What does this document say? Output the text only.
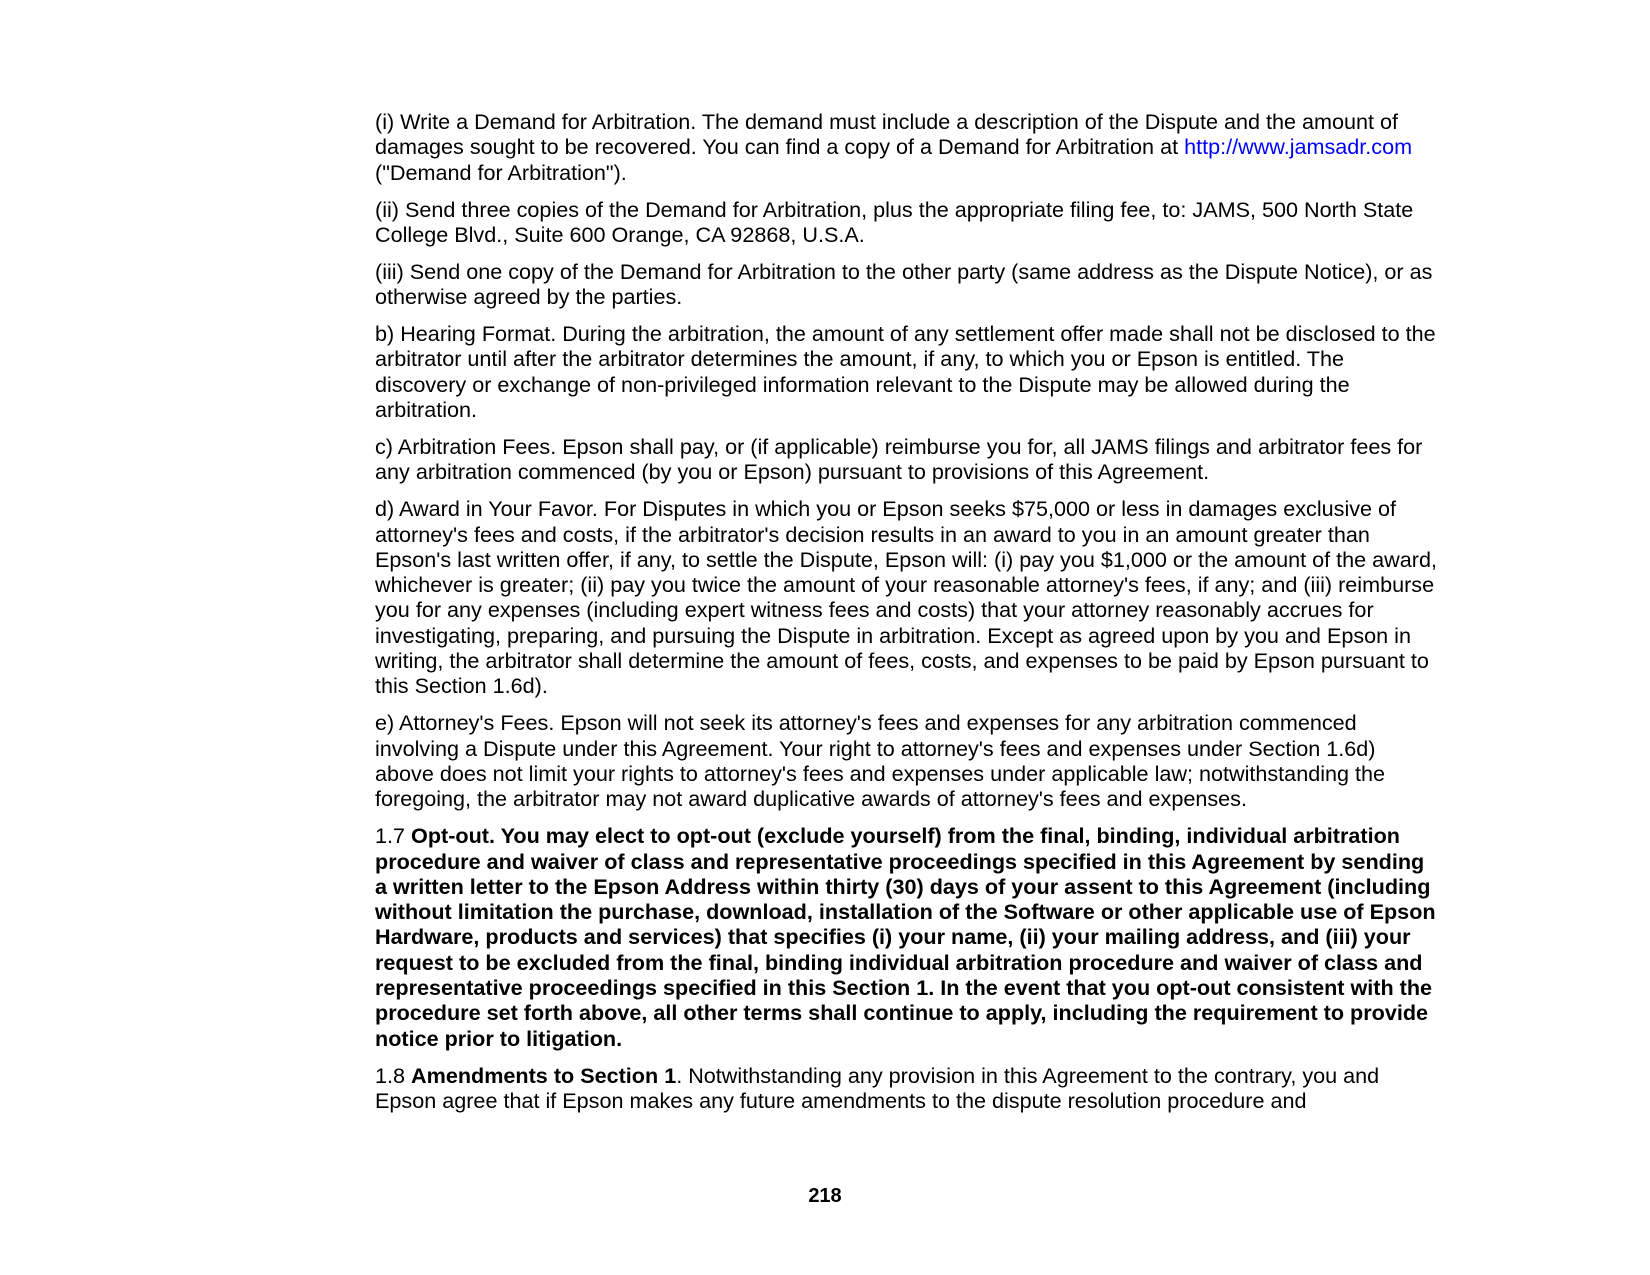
(i) Write a Demand for Arbitration. The demand must include a description of the Dispute and the amount of damages sought to be recovered. You can find a copy of a Demand for Arbitration at http://www.jamsadr.com ("Demand for Arbitration").

(ii) Send three copies of the Demand for Arbitration, plus the appropriate filing fee, to: JAMS, 500 North State College Blvd., Suite 600 Orange, CA 92868, U.S.A.

(iii) Send one copy of the Demand for Arbitration to the other party (same address as the Dispute Notice), or as otherwise agreed by the parties.

b) Hearing Format. During the arbitration, the amount of any settlement offer made shall not be disclosed to the arbitrator until after the arbitrator determines the amount, if any, to which you or Epson is entitled. The discovery or exchange of non-privileged information relevant to the Dispute may be allowed during the arbitration.

c) Arbitration Fees. Epson shall pay, or (if applicable) reimburse you for, all JAMS filings and arbitrator fees for any arbitration commenced (by you or Epson) pursuant to provisions of this Agreement.

d) Award in Your Favor. For Disputes in which you or Epson seeks $75,000 or less in damages exclusive of attorney's fees and costs, if the arbitrator's decision results in an award to you in an amount greater than Epson's last written offer, if any, to settle the Dispute, Epson will: (i) pay you $1,000 or the amount of the award, whichever is greater; (ii) pay you twice the amount of your reasonable attorney's fees, if any; and (iii) reimburse you for any expenses (including expert witness fees and costs) that your attorney reasonably accrues for investigating, preparing, and pursuing the Dispute in arbitration. Except as agreed upon by you and Epson in writing, the arbitrator shall determine the amount of fees, costs, and expenses to be paid by Epson pursuant to this Section 1.6d).

e) Attorney's Fees. Epson will not seek its attorney's fees and expenses for any arbitration commenced involving a Dispute under this Agreement. Your right to attorney's fees and expenses under Section 1.6d) above does not limit your rights to attorney's fees and expenses under applicable law; notwithstanding the foregoing, the arbitrator may not award duplicative awards of attorney's fees and expenses.

1.7 Opt-out. You may elect to opt-out (exclude yourself) from the final, binding, individual arbitration procedure and waiver of class and representative proceedings specified in this Agreement by sending a written letter to the Epson Address within thirty (30) days of your assent to this Agreement (including without limitation the purchase, download, installation of the Software or other applicable use of Epson Hardware, products and services) that specifies (i) your name, (ii) your mailing address, and (iii) your request to be excluded from the final, binding individual arbitration procedure and waiver of class and representative proceedings specified in this Section 1. In the event that you opt-out consistent with the procedure set forth above, all other terms shall continue to apply, including the requirement to provide notice prior to litigation.

1.8 Amendments to Section 1. Notwithstanding any provision in this Agreement to the contrary, you and Epson agree that if Epson makes any future amendments to the dispute resolution procedure and

218
